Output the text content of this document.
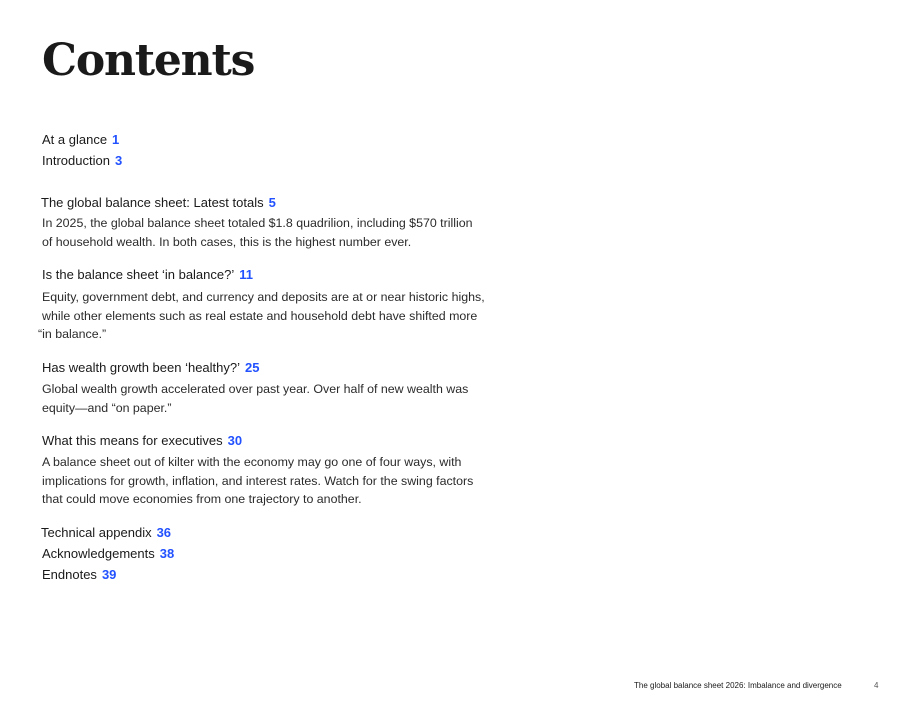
Contents
At a glance 1
Introduction 3
The global balance sheet: Latest totals 5
In 2025, the global balance sheet totaled $1.8 quadrilion, including $570 trillion
of household wealth. In both cases, this is the highest number ever.
Is the balance sheet ‘in balance?’ 11
Equity, government debt, and currency and deposits are at or near historic highs,
while other elements such as real estate and household debt have shifted more
“in balance.”
Has wealth growth been ‘healthy?’ 25
Global wealth growth accelerated over past year. Over half of new wealth was
equity—and “on paper.”
What this means for executives 30
A balance sheet out of kilter with the economy may go one of four ways, with
implications for growth, inflation, and interest rates. Watch for the swing factors
that could move economies from one trajectory to another.
Technical appendix 36
Acknowledgements 38
Endnotes 39
The global balance sheet 2026: Imbalance and divergence	4
